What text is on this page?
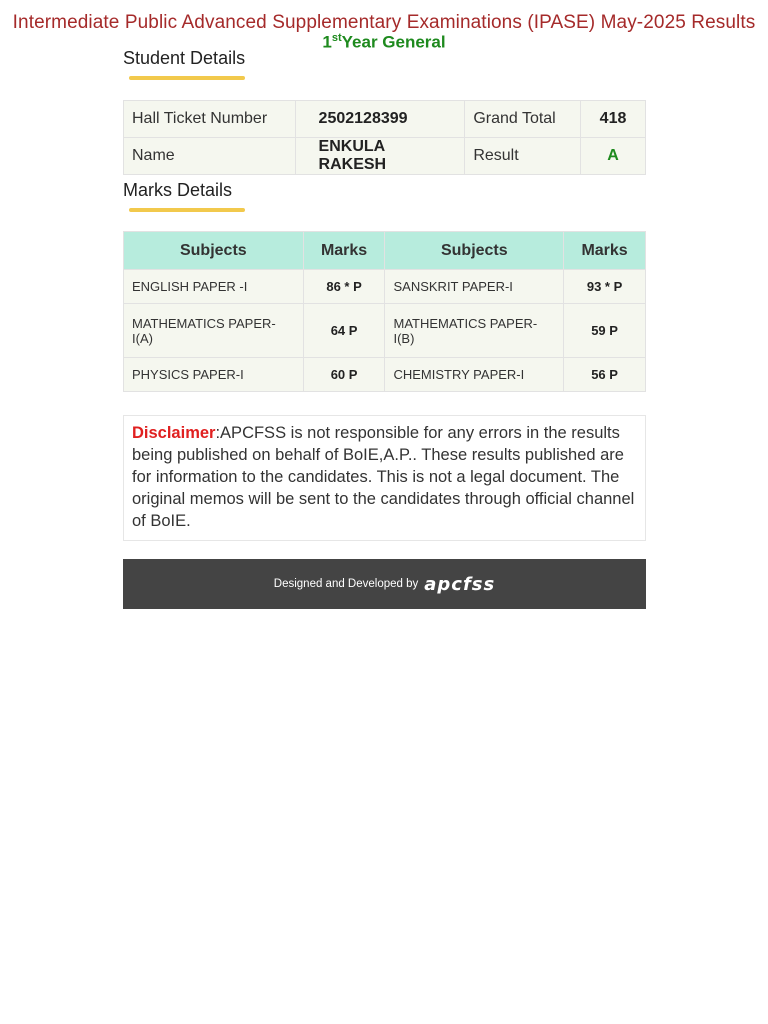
Intermediate Public Advanced Supplementary Examinations (IPASE) May-2025 Results
1stYear General
Student Details
Hall Ticket Number	2502128399	Grand Total	418
Name	ENKULA RAKESH	Result	A
Marks Details
Subjects	Marks	Subjects	Marks
ENGLISH PAPER -I	86 * P	SANSKRIT PAPER-I	93 * P
MATHEMATICS PAPER-I(A)	64 P	MATHEMATICS PAPER-I(B)	59 P
PHYSICS PAPER-I	60 P	CHEMISTRY PAPER-I	56 P
Disclaimer:APCFSS is not responsible for any errors in the results being published on behalf of BoIE,A.P.. These results published are for information to the candidates. This is not a legal document. The original memos will be sent to the candidates through official channel of BoIE.
Designed and Developed by apcfss
